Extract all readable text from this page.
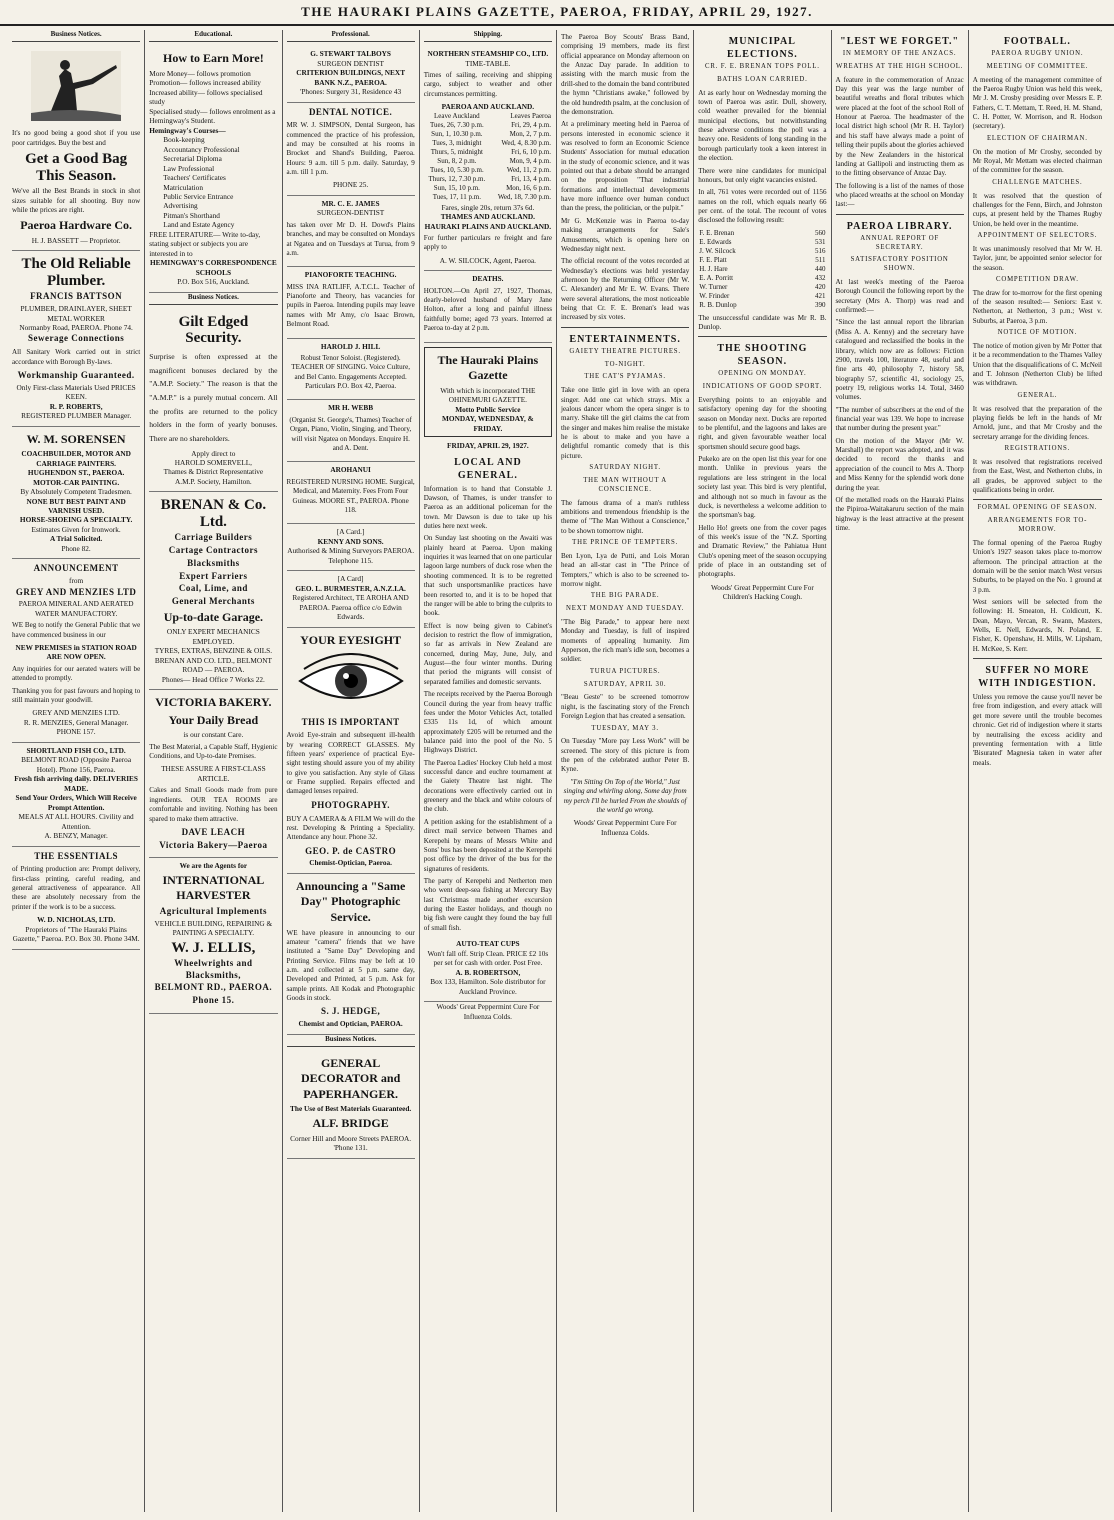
THE HAURAKI PLAINS GAZETTE, PAEROA, FRIDAY, APRIL 29, 1927.
Business Notices.
It's no good being a good shot if you use poor cartridges. Buy the best and
Get a Good Bag This Season.
We've all the Best Brands in stock in shot sizes suitable for all shooting. Buy now while the prices are right.
Paeroa Hardware Co.
H. J. BASSETT — Proprietor.
The Old Reliable Plumber.
FRANCIS BATTSON
PLUMBER, DRAINLAYER, SHEET METAL WORKER
Normanby Road, PAEROA. Phone 74.
Sewerage Connections
All Sanitary Work carried out in strict accordance with Borough By-laws.
Workmanship Guaranteed.
Only First-class Materials Used PRICES KEEN.
R. P. ROBERTS,
REGISTERED PLUMBER Manager.
W. M. SORENSEN
COACHBUILDER, MOTOR AND CARRIAGE PAINTERS.
HUGHENDON ST., PAEROA.
MOTOR-CAR PAINTING.
By Absolutely Competent Tradesmen.
NONE BUT BEST PAINT AND VARNISH USED.
HORSE-SHOEING A SPECIALTY.
Estimates Given for Ironwork.
A Trial Solicited.
Phone 82.
ANNOUNCEMENT
from
GREY AND MENZIES LTD
PAEROA MINERAL AND AERATED WATER MANUFACTORY.
WE Beg to notify the General Public that we have commenced business in our
NEW PREMISES in STATION ROAD ARE NOW OPEN.
Any inquiries for our aerated waters will be attended to promptly.
Thanking you for past favours and hoping to still maintain your goodwill.
GREY AND MENZIES LTD.
R. R. MENZIES, General Manager.
PHONE 157.
SHORTLAND FISH CO., LTD.
BELMONT ROAD (Opposite Paeroa Hotel). Phone 156, Paeroa.
Fresh fish arriving daily. DELIVERIES MADE.
Send Your Orders, Which Will Receive Prompt Attention.
MEALS AT ALL HOURS. Civility and Attention.
A. BENZY, Manager.
THE ESSENTIALS
of Printing production are: Prompt delivery, first-class printing, careful reading, and general attractiveness of appearance. All these are absolutely necessary from the printer if the work is to be a success.
W. D. NICHOLAS, LTD.
Proprietors of "The Hauraki Plains Gazette," Paeroa. P.O. Box 30. Phone 34M.
Educational.
How to Earn More!
More Money— follows promotion
Promotion— follows increased ability
Increased ability— follows specialised study
Specialised study— follows enrolment as a Hemingway's Student.
Hemingway's Courses—
Book-keeping
Accountancy Professional
Secretarial Diploma
Law Professional
Teachers' Certificates
Matriculation
Public Service Entrance
Advertising
Pitman's Shorthand
Land and Estate Agency
FREE LITERATURE— Write to-day, stating subject or subjects you are interested in to
HEMINGWAY'S CORRESPONDENCE SCHOOLS
P.O. Box 516, Auckland.
Business Notices.
Gilt Edged Security.
Surprise is often expressed at the magnificent bonuses declared by the "A.M.P. Society." The reason is that the "A.M.P." is a purely mutual concern. All the profits are returned to the policy holders in the form of yearly bonuses. There are no shareholders.
Apply direct to
HAROLD SOMERVELL,
Thames & District Representative
A.M.P. Society, Hamilton.
BRENAN & Co. Ltd.
Carriage Builders
Cartage Contractors
Blacksmiths
Expert Farriers
Coal, Lime, and
General Merchants
Up-to-date Garage.
ONLY EXPERT MECHANICS EMPLOYED.
TYRES, EXTRAS, BENZINE & OILS.
BRENAN AND CO. LTD., BELMONT ROAD — PAEROA.
Phones— Head Office 7 Works 22.
VICTORIA BAKERY.
Your Daily Bread
is our constant Care.
The Best Material, a Capable Staff, Hygienic Conditions, and Up-to-date Premises.
THESE ASSURE A FIRST-CLASS ARTICLE.
Cakes and Small Goods made from pure ingredients. OUR TEA ROOMS are comfortable and inviting. Nothing has been spared to make them attractive.
DAVE LEACH
Victoria Bakery—Paeroa
We are the Agents for
INTERNATIONAL HARVESTER
Agricultural Implements
VEHICLE BUILDING, REPAIRING & PAINTING A SPECIALTY.
W. J. ELLIS,
Wheelwrights and Blacksmiths,
BELMONT RD., PAEROA.
Phone 15.
Professional.
G. STEWART TALBOYS
SURGEON DENTIST
CRITERION BUILDINGS, NEXT BANK N.Z., PAEROA.
'Phones: Surgery 31, Residence 43
DENTAL NOTICE.
MR W. J. SIMPSON, Dental Surgeon, has commenced the practice of his profession, and may be consulted at his rooms in Brocket and Shand's Building, Paeroa. Hours: 9 a.m. till 5 p.m. daily. Saturday, 9 a.m. till 1 p.m.
PHONE 25.
MR. C. E. JAMES
SURGEON-DENTIST
has taken over Mr D. H. Dowd's Plains branches, and may be consulted on Mondays at Ngatea and on Tuesdays at Turua, from 9 a.m.
PIANOFORTE TEACHING.
MISS INA RATLIFF, A.T.C.L. Teacher of Pianoforte and Theory, has vacancies for pupils in Paeroa. Intending pupils may leave names with Mr Amy, c/o Isaac Brown, Belmont Road.
HAROLD J. HILL
Robust Tenor Soloist. (Registered). TEACHER OF SINGING. Voice Culture, and Bel Canto. Engagements Accepted. Particulars P.O. Box 42, Paeroa.
MR H. WEBB
(Organist St. George's, Thames) Teacher of Organ, Piano, Violin, Singing, and Theory, will visit Ngatea on Mondays. Enquire H. and A. Dent.
AROHANUI
REGISTERED NURSING HOME. Surgical, Medical, and Maternity. Fees From Four Guineas. MOORE ST., PAEROA. Phone 118.
[A Card.]
KENNY AND SONS.
Authorised & Mining Surveyors PAEROA. Telephone 115.
[A Card]
GEO. L. BURMESTER, A.N.Z.I.A.
Registered Architect, TE AROHA AND PAEROA. Paeroa office c/o Edwin Edwards.
YOUR EYESIGHT
THIS IS IMPORTANT
Avoid Eye-strain and subsequent ill-health by wearing CORRECT GLASSES. My fifteen years' experience of practical Eye-sight testing should assure you of my ability to give you satisfaction. Any style of Glass or Frame supplied. Repairs effected and damaged lenses repaired.
PHOTOGRAPHY.
BUY A CAMERA & A FILM We will do the rest. Developing & Printing a Speciality. Attendance any hour. Phone 32.
GEO. P. de CASTRO
Chemist-Optician, Paeroa.
Announcing a "Same Day" Photographic Service.
WE have pleasure in announcing to our amateur "camera" friends that we have instituted a "Same Day" Developing and Printing Service. Films may be left at 10 a.m. and collected at 5 p.m. same day, Developed and Printed, at 5 p.m. Ask for sample prints. All Kodak and Photographic Goods in stock.
S. J. HEDGE,
Chemist and Optician, PAEROA.
Business Notices.
GENERAL DECORATOR and PAPERHANGER.
The Use of Best Materials Guaranteed.
ALF. BRIDGE
Corner Hill and Moore Streets PAEROA. 'Phone 131.
Shipping.
NORTHERN STEAMSHIP CO., LTD.
TIME-TABLE.
Times of sailing, receiving and shipping cargo, subject to weather and other circumstances permitting.
PAEROA AND AUCKLAND.
Leave Auckland	Leaves Paeroa
Tues, 26, 7.30 p.m.	Fri, 29, 4 p.m.
Sun, 1, 10.30 p.m.	Mon, 2, 7 p.m.
Tues, 3, midnight	Wed, 4, 8.30 p.m.
Thurs, 5, midnight	Fri, 6, 10 p.m.
Sun, 8, 2 p.m.	Mon, 9, 4 p.m.
Tues, 10, 5.30 p.m.	Wed, 11, 2 p.m.
Thurs, 12, 7.30 p.m.	Fri, 13, 4 p.m.
Sun, 15, 10 p.m.	Mon, 16, 6 p.m.
Tues, 17, 11 p.m.	Wed, 18, 7.30 p.m.
Fares, single 20s, return 37s 6d.
THAMES AND AUCKLAND.
HAURAKI PLAINS AND AUCKLAND.
For further particulars re freight and fare apply to
A. W. SILCOCK, Agent, Paeroa.
DEATHS.
HOLTON.—On April 27, 1927, Thomas, dearly-beloved husband of Mary Jane Holton, after a long and painful illness faithfully borne; aged 73 years. Interred at Paeroa to-day at 2 p.m.
The Hauraki Plains Gazette
With which is incorporated THE OHINEMURI GAZETTE.
Motto Public Service
MONDAY, WEDNESDAY, & FRIDAY.
FRIDAY, APRIL 29, 1927.
LOCAL AND GENERAL.
Information is to hand that Constable J. Dawson, of Thames, is under transfer to Paeroa as an additional policeman for the town. Mr Dawson is due to take up his duties here next week.
On Sunday last shooting on the Awaiti was plainly heard at Paeroa. Upon making inquiries it was learned that on one particular lagoon large numbers of duck rose when the shooting commenced. It is to be regretted that such unsportsmanlike practices have been resorted to, and it is to be hoped that the ranger will be able to bring the culprits to book.
Effect is now being given to Cabinet's decision to restrict the flow of immigration, so far as arrivals in New Zealand are concerned, during May, June, July, and August—the four winter months. During that period the migrants will consist of separated families and domestic servants.
The receipts received by the Paeroa Borough Council during the year from heavy traffic fees under the Motor Vehicles Act, totalled £335 11s 1d, of which amount approximately £205 will be returned and the balance paid into the pool of the No. 5 Highways District.
The Paeroa Ladies' Hockey Club held a most successful dance and euchre tournament at the Gaiety Theatre last night. The decorations were effectively carried out in greenery and the black and white colours of the club.
A petition asking for the establishment of a direct mail service between Thames and Kerepehi by means of Messrs White and Sons' bus has been deposited at the Kerepehi post office by the driver of the bus for the signatures of residents.
The party of Kerepehi and Netherton men who went deep-sea fishing at Mercury Bay last Christmas made another excursion during the Easter holidays, and though no big fish were caught they found the bay full of small fish.
AUTO-TEAT CUPS
Won't fall off. Strip Clean. PRICE £2 10s per set for cash with order. Post Free.
A. B. ROBERTSON,
Box 133, Hamilton. Sole distributor for Auckland Province.
Woods' Great Peppermint Cure For Influenza Colds.
The Paeroa Boy Scouts' Brass Band, comprising 19 members, made its first official appearance on Monday afternoon on the Anzac Day parade. In addition to assisting with the march music from the drill-shed to the domain the band contributed the hymn "Christians awake," followed by the old hundredth psalm, at the conclusion of the demonstration.
At a preliminary meeting held in Paeroa of persons interested in economic science it was resolved to form an Economic Science Students' Association for mutual education in the study of economic science, and it was pointed out that a debate should be arranged on the proposition "That industrial formations and intellectual developments have more influence over human conduct than the press, the politician, or the pulpit."
Mr G. McKenzie was in Paeroa to-day making arrangements for Sale's Amusements, which is opening here on Wednesday night next.
The official recount of the votes recorded at Wednesday's elections was held yesterday afternoon by the Returning Officer (Mr W. C. Alexander) and Mr E. W. Evans. There were several alterations, the most noticeable being that Cr. F. E. Brenan's lead was increased by six votes.
ENTERTAINMENTS.
GAIETY THEATRE PICTURES.
TO-NIGHT.
THE CAT'S PYJAMAS.
Take one little girl in love with an opera singer. Add one cat which strays. Mix a jealous dancer whom the opera singer is to marry. Shake till the girl claims the cat from the singer and makes him realise the mistake he is about to make and you have a delightful romantic comedy that is this picture.
SATURDAY NIGHT.
THE MAN WITHOUT A CONSCIENCE.
The famous drama of a man's ruthless ambitions and tremendous friendship is the theme of "The Man Without a Conscience," to be shown tomorrow night.
THE PRINCE OF TEMPTERS.
Ben Lyon, Lya de Putti, and Lois Moran head an all-star cast in "The Prince of Tempters," which is also to be screened to-morrow night.
THE BIG PARADE.
NEXT MONDAY AND TUESDAY.
"The Big Parade," to appear here next Monday and Tuesday, is full of inspired moments of appealing humanity. Jim Apperson, the rich man's idle son, becomes a soldier.
TURUA PICTURES.
SATURDAY, APRIL 30.
"Beau Geste" to be screened tomorrow night, is the fascinating story of the French Foreign Legion that has created a sensation.
TUESDAY, MAY 3.
On Tuesday "More pay Less Work" will be screened. The story of this picture is from the pen of the celebrated author Peter B. Kyne.
"I'm Sitting On Top of the World," Just singing and whirling along, Some day from my perch I'll be hurled From the shoulds of the world go wrong.
Woods' Great Peppermint Cure For Influenza Colds.
MUNICIPAL ELECTIONS.
CR. F. E. BRENAN TOPS POLL.
BATHS LOAN CARRIED.
At as early hour on Wednesday morning the town of Paeroa was astir. Dull, showery, cold weather prevailed for the biennial municipal elections, but notwithstanding these adverse conditions the poll was a heavy one. Residents of long standing in the borough particularly took a keen interest in the election.
There were nine candidates for municipal honours, but only eight vacancies existed.
In all, 761 votes were recorded out of 1156 names on the roll, which equals nearly 66 per cent. of the total. The recount of votes disclosed the following result:
F. E. Brenan	560
E. Edwards	531
J. W. Silcock	516
F. E. Platt	511
H. J. Hare	440
E. A. Porritt	432
W. Turner	420
W. Frinder	421
R. B. Dunlop	390
The unsuccessful candidate was Mr R. B. Dunlop.
THE SHOOTING SEASON.
OPENING ON MONDAY.
INDICATIONS OF GOOD SPORT.
Everything points to an enjoyable and satisfactory opening day for the shooting season on Monday next. Ducks are reported to be plentiful, and the lagoons and lakes are right, and given favourable weather local sportsmen should secure good bags.
Pukeko are on the open list this year for one month. Unlike in previous years the regulations are less stringent in the local society last year. This bird is very plentiful, and although not so much in favour as the duck, is nevertheless a welcome addition to the sportsman's bag.
Hello Ho! greets one from the cover pages of this week's issue of the "N.Z. Sporting and Dramatic Review," the Pahiatua Hunt Club's opening meet of the season occupying pride of place in an outstanding set of photographs.
Woods' Great Peppermint Cure For Children's Hacking Cough.
"LEST WE FORGET."
IN MEMORY OF THE ANZACS.
WREATHS AT THE HIGH SCHOOL.
A feature in the commemoration of Anzac Day this year was the large number of beautiful wreaths and floral tributes which were placed at the foot of the school Roll of Honour at Paeroa. The headmaster of the local district high school (Mr R. H. Taylor) and his staff have always made a point of telling their pupils about the glories achieved by the New Zealanders in the historical landing at Gallipoli and instructing them as to the fitting observance of Anzac Day.
The following is a list of the names of those who placed wreaths at the school on Monday last:—
PAEROA LIBRARY.
ANNUAL REPORT OF SECRETARY.
SATISFACTORY POSITION SHOWN.
At last week's meeting of the Paeroa Borough Council the following report by the secretary (Mrs A. Thorp) was read and confirmed:—
"Since the last annual report the librarian (Miss A. A. Kenny) and the secretary have catalogued and reclassified the books in the library, which now are as follows: Fiction 2900, travels 100, literature 48, useful and fine arts 40, philosophy 7, history 58, biography 57, scientific 41, sociology 25, poetry 19, religious works 14. Total, 3460 volumes.
"The number of subscribers at the end of the financial year was 139. We hope to increase that number during the present year."
On the motion of the Mayor (Mr W. Marshall) the report was adopted, and it was decided to record the thanks and appreciation of the council to Mrs A. Thorp and Miss Kenny for the splendid work done during the year.
Of the metalled roads on the Hauraki Plains the Pipiroa-Waitakaruru section of the main highway is the least attractive at the present time.
FOOTBALL.
PAEROA RUGBY UNION.
MEETING OF COMMITTEE.
A meeting of the management committee of the Paeroa Rugby Union was held this week, Mr J. M. Crosby presiding over Messrs E. P. Fathers, C. T. Mettam, T. Reed, H. M. Shand, C. H. Potter, W. Morrison, and R. Hodson (secretary).
ELECTION OF CHAIRMAN.
On the motion of Mr Crosby, seconded by Mr Royal, Mr Mettam was elected chairman of the committee for the season.
CHALLENGE MATCHES.
It was resolved that the question of challenges for the Fenn, Birch, and Johnston cups, at present held by the Thames Rugby Union, be held over in the meantime.
APPOINTMENT OF SELECTORS.
It was unanimously resolved that Mr W. H. Taylor, junr, be appointed senior selector for the season.
COMPETITION DRAW.
The draw for to-morrow for the first opening of the season resulted:— Seniors: East v. Netherton, at Netherton, 3 p.m.; West v. Suburbs, at Paeroa, 3 p.m.
NOTICE OF MOTION.
The notice of motion given by Mr Potter that it be a recommendation to the Thames Valley Union that the disqualifications of C. McNeil and T. Johnson (Netherton Club) be lifted was withdrawn.
GENERAL.
It was resolved that the preparation of the playing fields be left in the hands of Mr Arnold, junr., and that Mr Crosby and the secretary arrange for the dividing fences.
REGISTRATIONS.
It was resolved that registrations received from the East, West, and Netherton clubs, in all grades, be approved subject to the qualifications being in order.
FORMAL OPENING OF SEASON.
ARRANGEMENTS FOR TO-MORROW.
The formal opening of the Paeroa Rugby Union's 1927 season takes place to-morrow afternoon. The principal attraction at the domain will be the senior match West versus Suburbs, to be played on the No. 1 ground at 3 p.m.
West seniors will be selected from the following: H. Smeaton, H. Coldicutt, K. Dean, Mayo, Vercan, R. Swann, Masters, Wells, E. Nell, Edwards, N. Poland, E. Fisher, K. Openshaw, H. Mills, W. Lipsham, H. McKee, S. Kerr.
SUFFER NO MORE WITH INDIGESTION.
Unless you remove the cause you'll never be free from indigestion, and every attack will get more severe until the trouble becomes chronic. Get rid of indigestion where it starts by neutralising the excess acidity and preventing fermentation with a little 'Bisurated' Magnesia taken in water after meals.
